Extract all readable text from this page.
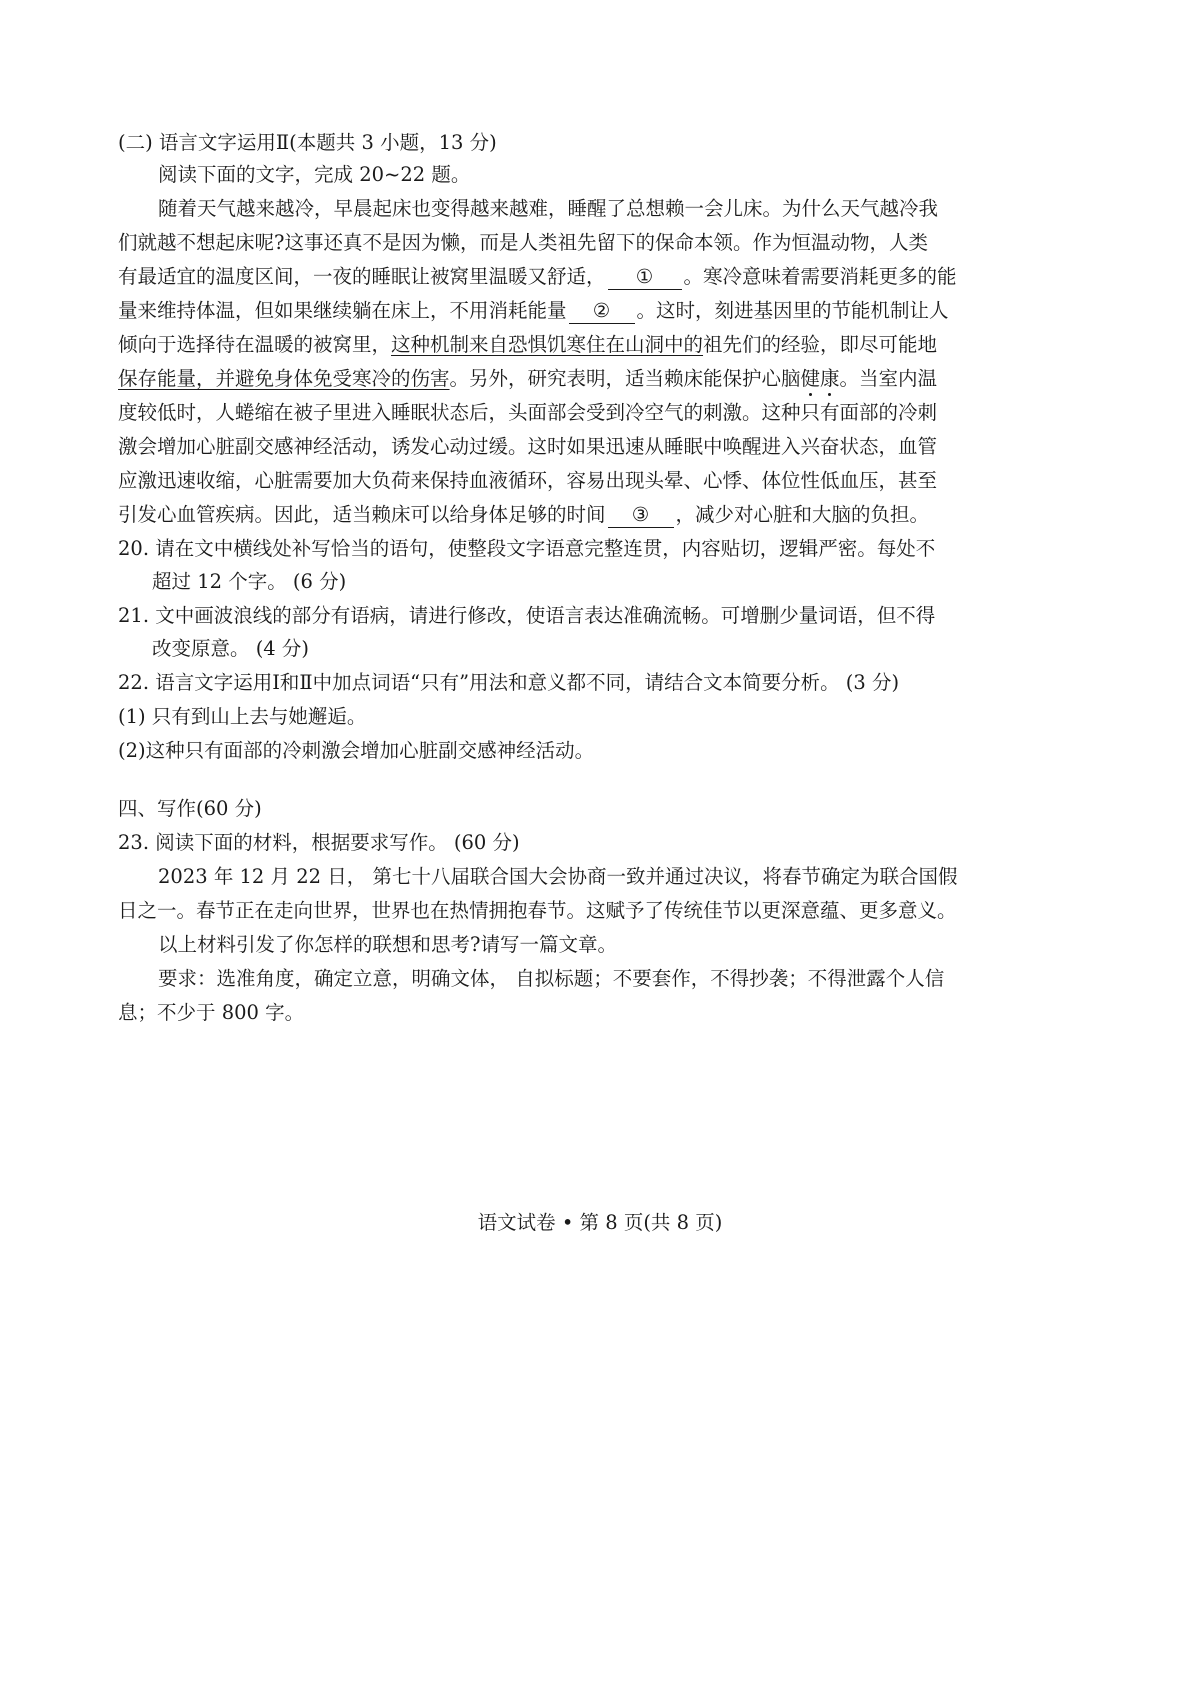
(二) 语言文字运用Ⅱ(本题共 3 小题，13 分)
阅读下面的文字，完成 20~22 题。
随着天气越来越冷，早晨起床也变得越来越难，睡醒了总想赖一会儿床。为什么天气越冷我
们就越不想起床呢?这事还真不是因为懒，而是人类祖先留下的保命本领。作为恒温动物，人类
有最适宜的温度区间，一夜的睡眠让被窝里温暖又舒适， ① 。寒冷意味着需要消耗更多的能
量来维持体温，但如果继续躺在床上，不用消耗能量 ② 。这时，刻进基因里的节能机制让人
倾向于选择待在温暖的被窝里，这种机制来自恐惧饥寒住在山洞中的祖先们的经验，即尽可能地
保存能量，并避免身体免受寒冷的伤害。另外，研究表明，适当赖床能保护心脑健康。当室内温
度较低时，人蜷缩在被子里进入睡眠状态后，头面部会受到冷空气的刺激。这种只有面部的冷刺
激会增加心脏副交感神经活动，诱发心动过缓。这时如果迅速从睡眠中唤醒进入兴奋状态，血管
应激迅速收缩，心脏需要加大负荷来保持血液循环，容易出现头晕、心悸、体位性低血压，甚至
引发心血管疾病。因此，适当赖床可以给身体足够的时间 ③ ，减少对心脏和大脑的负担。
20. 请在文中横线处补写恰当的语句，使整段文字语意完整连贯，内容贴切，逻辑严密。每处不
超过 12 个字。 (6 分)
21. 文中画波浪线的部分有语病，请进行修改，使语言表达准确流畅。可增删少量词语，但不得
改变原意。 (4 分)
22. 语言文字运用Ⅰ和Ⅱ中加点词语“只有”用法和意义都不同，请结合文本简要分析。 (3 分)
(1) 只有到山上去与她邂逅。
(2)这种只有面部的冷刺激会增加心脏副交感神经活动。
四、写作(60 分)
23. 阅读下面的材料，根据要求写作。 (60 分)
2023 年 12 月 22 日， 第七十八届联合国大会协商一致并通过决议，将春节确定为联合国假
日之一。春节正在走向世界，世界也在热情拥抱春节。这赋予了传统佳节以更深意蕴、更多意义。
以上材料引发了你怎样的联想和思考?请写一篇文章。
要求：选准角度，确定立意，明确文体， 自拟标题；不要套作，不得抄袭；不得泄露个人信
息；不少于 800 字。
语文试卷 • 第 8 页(共 8 页)
